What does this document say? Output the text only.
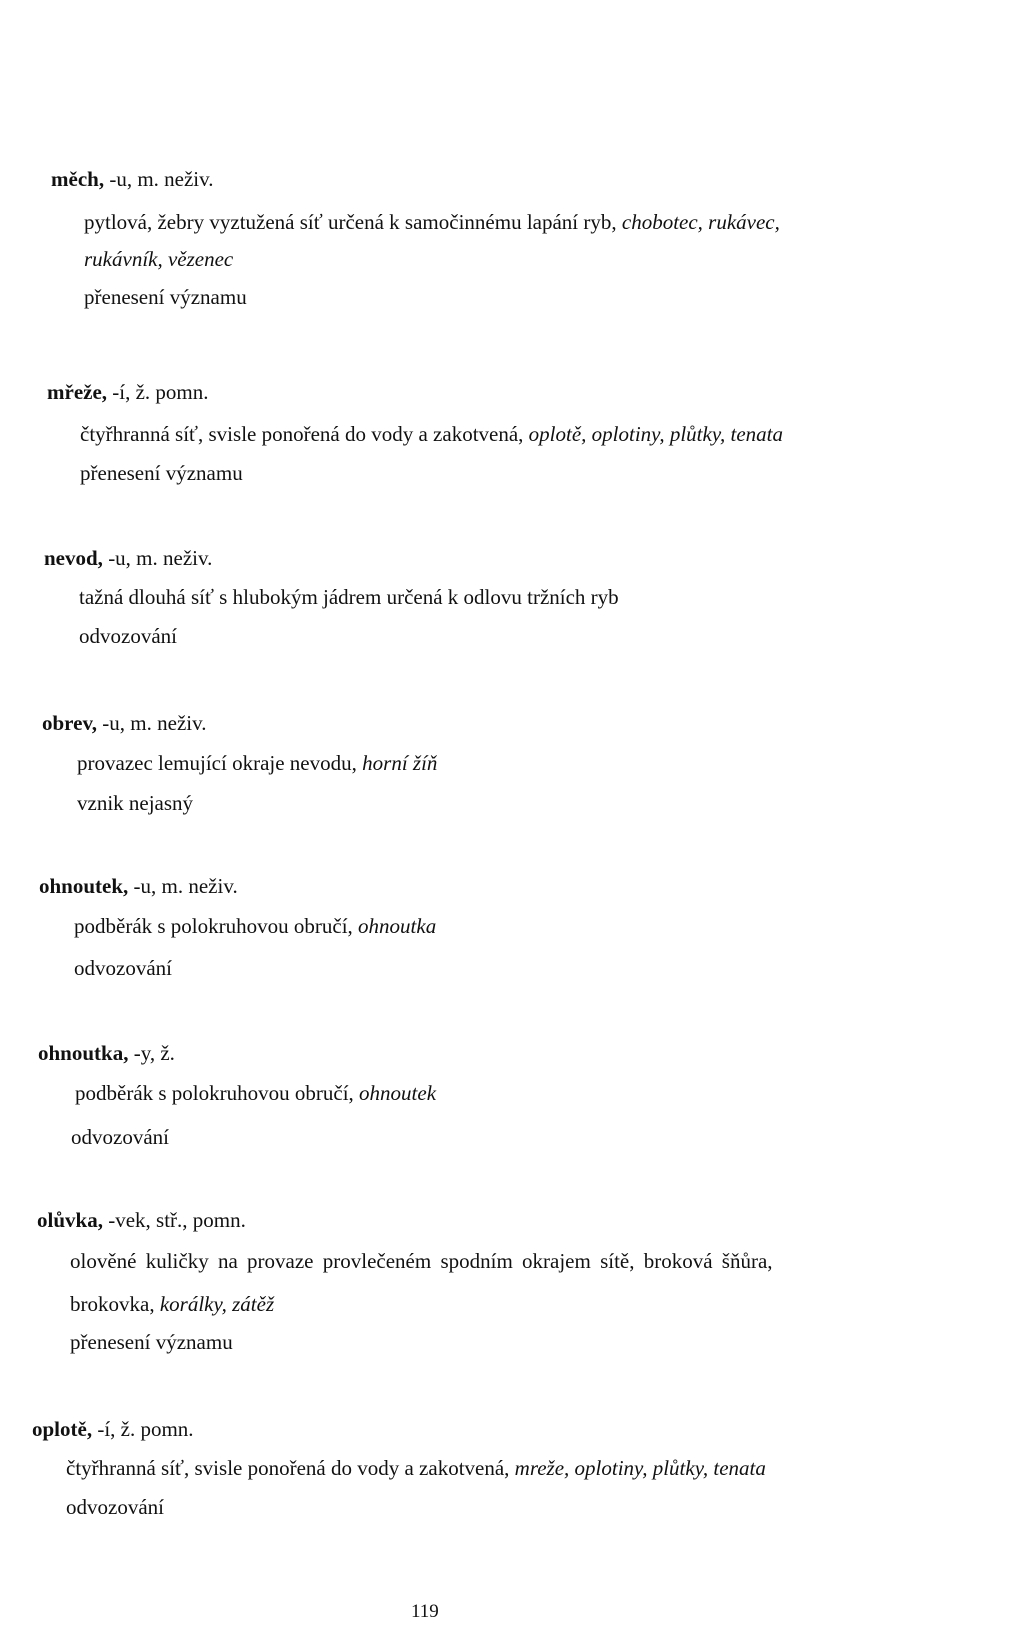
měch, -u, m. neživ.
pytlová, žebry vyztužená síť určená k samočinnému lapání ryb, chobotec, rukávec,
rukávník, vězenec
přenesení významu
mřeže, -í, ž. pomn.
čtyřhranná síť, svisle ponořená do vody a zakotvená, oplotě, oplotiny, plůtky, tenata
přenesení významu
nevod, -u, m. neživ.
tažná dlouhá síť s hlubokým jádrem určená k odlovu tržních ryb
odvozování
obrev, -u, m. neživ.
provazec lemující okraje nevodu, horní žíň
vznik nejasný
ohnoutek, -u, m. neživ.
podběrák s polokruhovou obručí, ohnoutka
odvozování
ohnoutka, -y, ž.
podběrák s polokruhovou obručí, ohnoutek
odvozování
olůvka, -vek, stř., pomn.
olověné kuličky na provaze provlečeném spodním okrajem sítě, broková šňůra,
brokovka, korálky, zátěž
přenesení významu
oplotě, -í, ž. pomn.
čtyřhranná síť, svisle ponořená do vody a zakotvená, mreže, oplotiny, plůtky, tenata
odvozování
119
